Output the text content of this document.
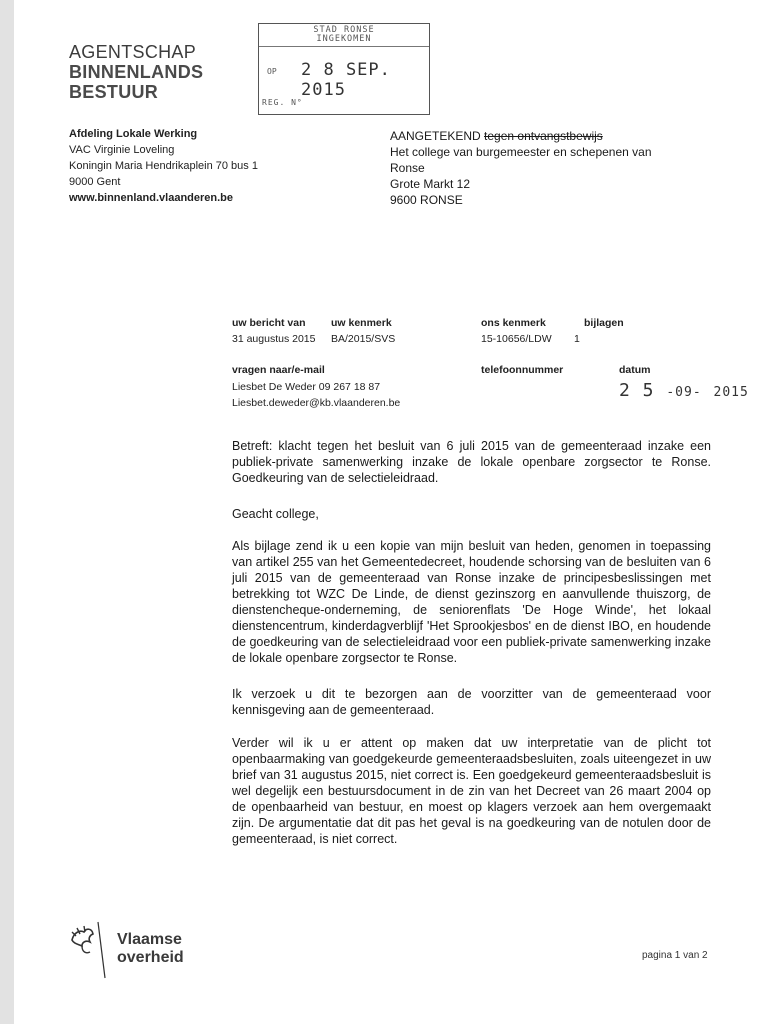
AGENTSCHAP
BINNENLANDS
BESTUUR
STAD RONSE
INGEKOMEN
OP 2 8 SEP. 2015
REG. N°
Afdeling Lokale Werking
VAC Virginie Loveling
Koningin Maria Hendrikaplein 70 bus 1
9000 Gent
www.binnenland.vlaanderen.be
AANGETEKEND tegen ontvangstbewijs
Het college van burgemeester en schepenen van
Ronse
Grote Markt 12
9600 RONSE
uw bericht van uw kenmerk	ons kenmerk	bijlagen
31 augustus 2015 BA/2015/SVS	15-10656/LDW 1
vragen naar/e-mail	telefoonnummer	datum
Liesbet De Weder 09 267 18 87
Liesbet.deweder@kb.vlaanderen.be
2 5 -09- 2015
Betreft: klacht tegen het besluit van 6 juli 2015 van de gemeenteraad inzake een publiek-private samenwerking inzake de lokale openbare zorgsector te Ronse. Goedkeuring van de selectieleidraad.
Geacht college,
Als bijlage zend ik u een kopie van mijn besluit van heden, genomen in toepassing van artikel 255 van het Gemeentedecreet, houdende schorsing van de besluiten van 6 juli 2015 van de gemeenteraad van Ronse inzake de principesbeslissingen met betrekking tot WZC De Linde, de dienst gezinszorg en aanvullende thuiszorg, de dienstencheque-onderneming, de seniorenflats 'De Hoge Winde', het lokaal dienstencentrum, kinderdagverblijf 'Het Sprookjesbos' en de dienst IBO, en houdende de goedkeuring van de selectieleidraad voor een publiek-private samenwerking inzake de lokale openbare zorgsector te Ronse.
Ik verzoek u dit te bezorgen aan de voorzitter van de gemeenteraad voor kennisgeving aan de gemeenteraad.
Verder wil ik u er attent op maken dat uw interpretatie van de plicht tot openbaarmaking van goedgekeurde gemeenteraadsbesluiten, zoals uiteengezet in uw brief van 31 augustus 2015, niet correct is. Een goedgekeurd gemeenteraadsbesluit is wel degelijk een bestuursdocument in de zin van het Decreet van 26 maart 2004 op de openbaarheid van bestuur, en moest op klagers verzoek aan hem overgemaakt zijn. De argumentatie dat dit pas het geval is na goedkeuring van de notulen door de gemeenteraad, is niet correct.
Vlaamse
overheid	pagina 1 van 2
